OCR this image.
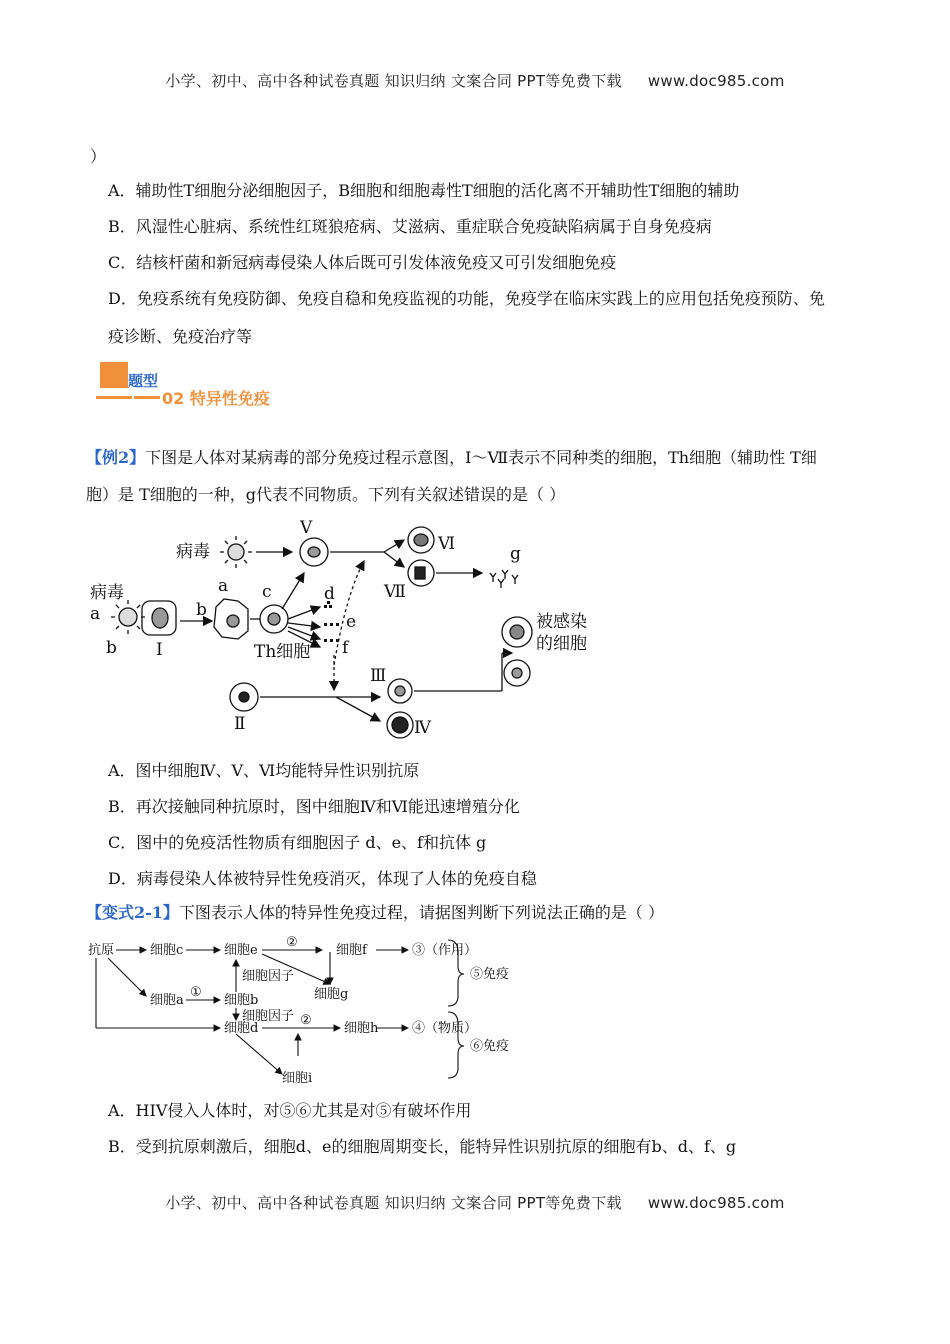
小学、初中、高中各种试卷真题 知识归纳 文案合同 PPT等免费下载 www.doc985.com
）
A．辅助性T细胞分泌细胞因子，B细胞和细胞毒性T细胞的活化离不开辅助性T细胞的辅助
B．风湿性心脏病、系统性红斑狼疮病、艾滋病、重症联合免疫缺陷病属于自身免疫病
C．结核杆菌和新冠病毒侵染人体后既可引发体液免疫又可引发细胞免疫
D．免疫系统有免疫防御、免疫自稳和免疫监视的功能，免疫学在临床实践上的应用包括免疫预防、免
疫诊断、免疫治疗等
题型
02 特异性免疫
【例2】下图是人体对某病毒的部分免疫过程示意图，Ⅰ～Ⅶ表示不同种类的细胞，Th细胞（辅助性 T细
胞）是 T细胞的一种，g代表不同物质。下列有关叙述错误的是（ ）
病毒
病毒
Ⅴ
Ⅵ
Ⅶ
g
a
b Ⅰ
a
b
c	d
e
f
Th细胞
Ⅱ
Ⅲ
Ⅳ
被感染
的细胞
A．图中细胞Ⅳ、Ⅴ、Ⅵ均能特异性识别抗原
B．再次接触同种抗原时，图中细胞Ⅳ和Ⅵ能迅速增殖分化
C．图中的免疫活性物质有细胞因子 d、e、f和抗体 g
D．病毒侵染人体被特异性免疫消灭，体现了人体的免疫自稳
【变式2-1】下图表示人体的特异性免疫过程，请据图判断下列说法正确的是（ ）
抗原	细胞c	细胞e
②
细胞f	③（作用）
细胞因子
细胞g
细胞a
①
细胞b
细胞因子
细胞d
②
细胞h	④（物质）
细胞i
⑤免疫
⑥免疫
A．HIV侵入人体时，对⑤⑥尤其是对⑤有破坏作用
B．受到抗原刺激后，细胞d、e的细胞周期变长，能特异性识别抗原的细胞有b、d、f、g
小学、初中、高中各种试卷真题 知识归纳 文案合同 PPT等免费下载 www.doc985.com
